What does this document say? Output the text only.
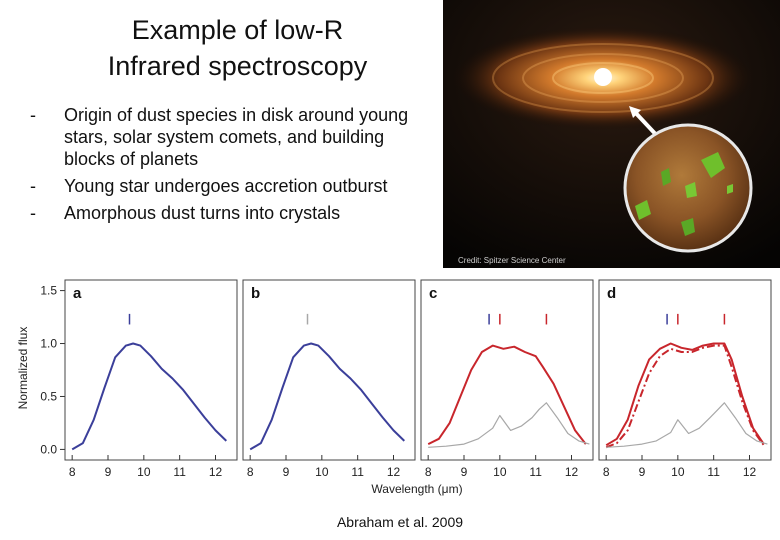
Example of low-R
Infrared spectroscopy
-	Origin of dust species in disk around young stars, solar system comets, and building blocks of planets
-	Young star undergoes accretion outburst
-	Amorphous dust turns into crystals
Credit: Spitzer Science Center
0.0
0.5
1.0
1.5 a
8 9 10 11 12
b
8 9 10 11 12
c
8 9 10 11 12
d
8 9 10 11 12
Normalized flux
Wavelength (μm)
Abraham et al. 2009
